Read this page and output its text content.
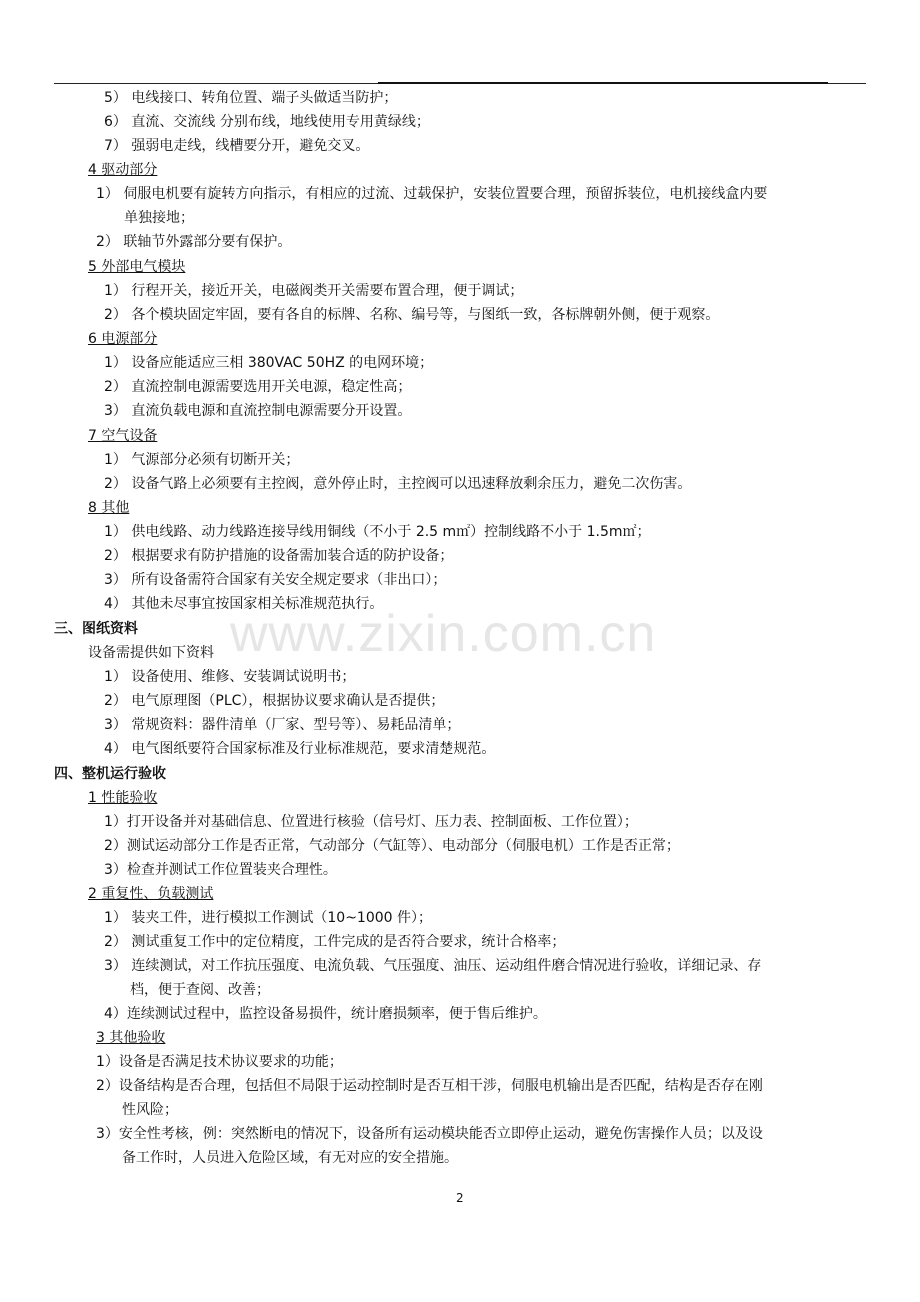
www.zixin.com.cn
5） 电线接口、转角位置、端子头做适当防护；
6） 直流、交流线 分别布线，地线使用专用黄绿线；
7） 强弱电走线，线槽要分开，避免交叉。
4 驱动部分
1） 伺服电机要有旋转方向指示，有相应的过流、过载保护，安装位置要合理，预留拆装位，电机接线盒内要
单独接地；
2） 联轴节外露部分要有保护。
5 外部电气模块
1） 行程开关，接近开关，电磁阀类开关需要布置合理，便于调试；
2） 各个模块固定牢固，要有各自的标牌、名称、编号等，与图纸一致，各标牌朝外侧，便于观察。
6 电源部分
1） 设备应能适应三相 380VAC 50HZ 的电网环境；
2） 直流控制电源需要选用开关电源，稳定性高；
3） 直流负载电源和直流控制电源需要分开设置。
7 空气设备
1） 气源部分必须有切断开关；
2） 设备气路上必须要有主控阀，意外停止时，主控阀可以迅速释放剩余压力，避免二次伤害。
8 其他
1） 供电线路、动力线路连接导线用铜线（不小于 2.5 m㎡）控制线路不小于 1.5m㎡；
2） 根据要求有防护措施的设备需加装合适的防护设备；
3） 所有设备需符合国家有关安全规定要求（非出口）；
4） 其他未尽事宜按国家相关标准规范执行。
三、图纸资料
设备需提供如下资料
1） 设备使用、维修、安装调试说明书；
2） 电气原理图（PLC），根据协议要求确认是否提供；
3） 常规资料：器件清单（厂家、型号等）、易耗品清单；
4） 电气图纸要符合国家标准及行业标准规范，要求清楚规范。
四、整机运行验收
1 性能验收
1）打开设备并对基础信息、位置进行核验（信号灯、压力表、控制面板、工作位置）；
2）测试运动部分工作是否正常，气动部分（气缸等）、电动部分（伺服电机）工作是否正常；
3）检查并测试工作位置装夹合理性。
2 重复性、负载测试
1） 装夹工件，进行模拟工作测试（10~1000 件）；
2） 测试重复工作中的定位精度，工件完成的是否符合要求，统计合格率；
3） 连续测试，对工作抗压强度、电流负载、气压强度、油压、运动组件磨合情况进行验收，详细记录、存
档，便于查阅、改善；
4）连续测试过程中，监控设备易损件，统计磨损频率，便于售后维护。
3 其他验收
1）设备是否满足技术协议要求的功能；
2）设备结构是否合理，包括但不局限于运动控制时是否互相干涉，伺服电机输出是否匹配，结构是否存在刚
性风险；
3）安全性考核，例：突然断电的情况下，设备所有运动模块能否立即停止运动，避免伤害操作人员；以及设
备工作时，人员进入危险区域，有无对应的安全措施。
2
